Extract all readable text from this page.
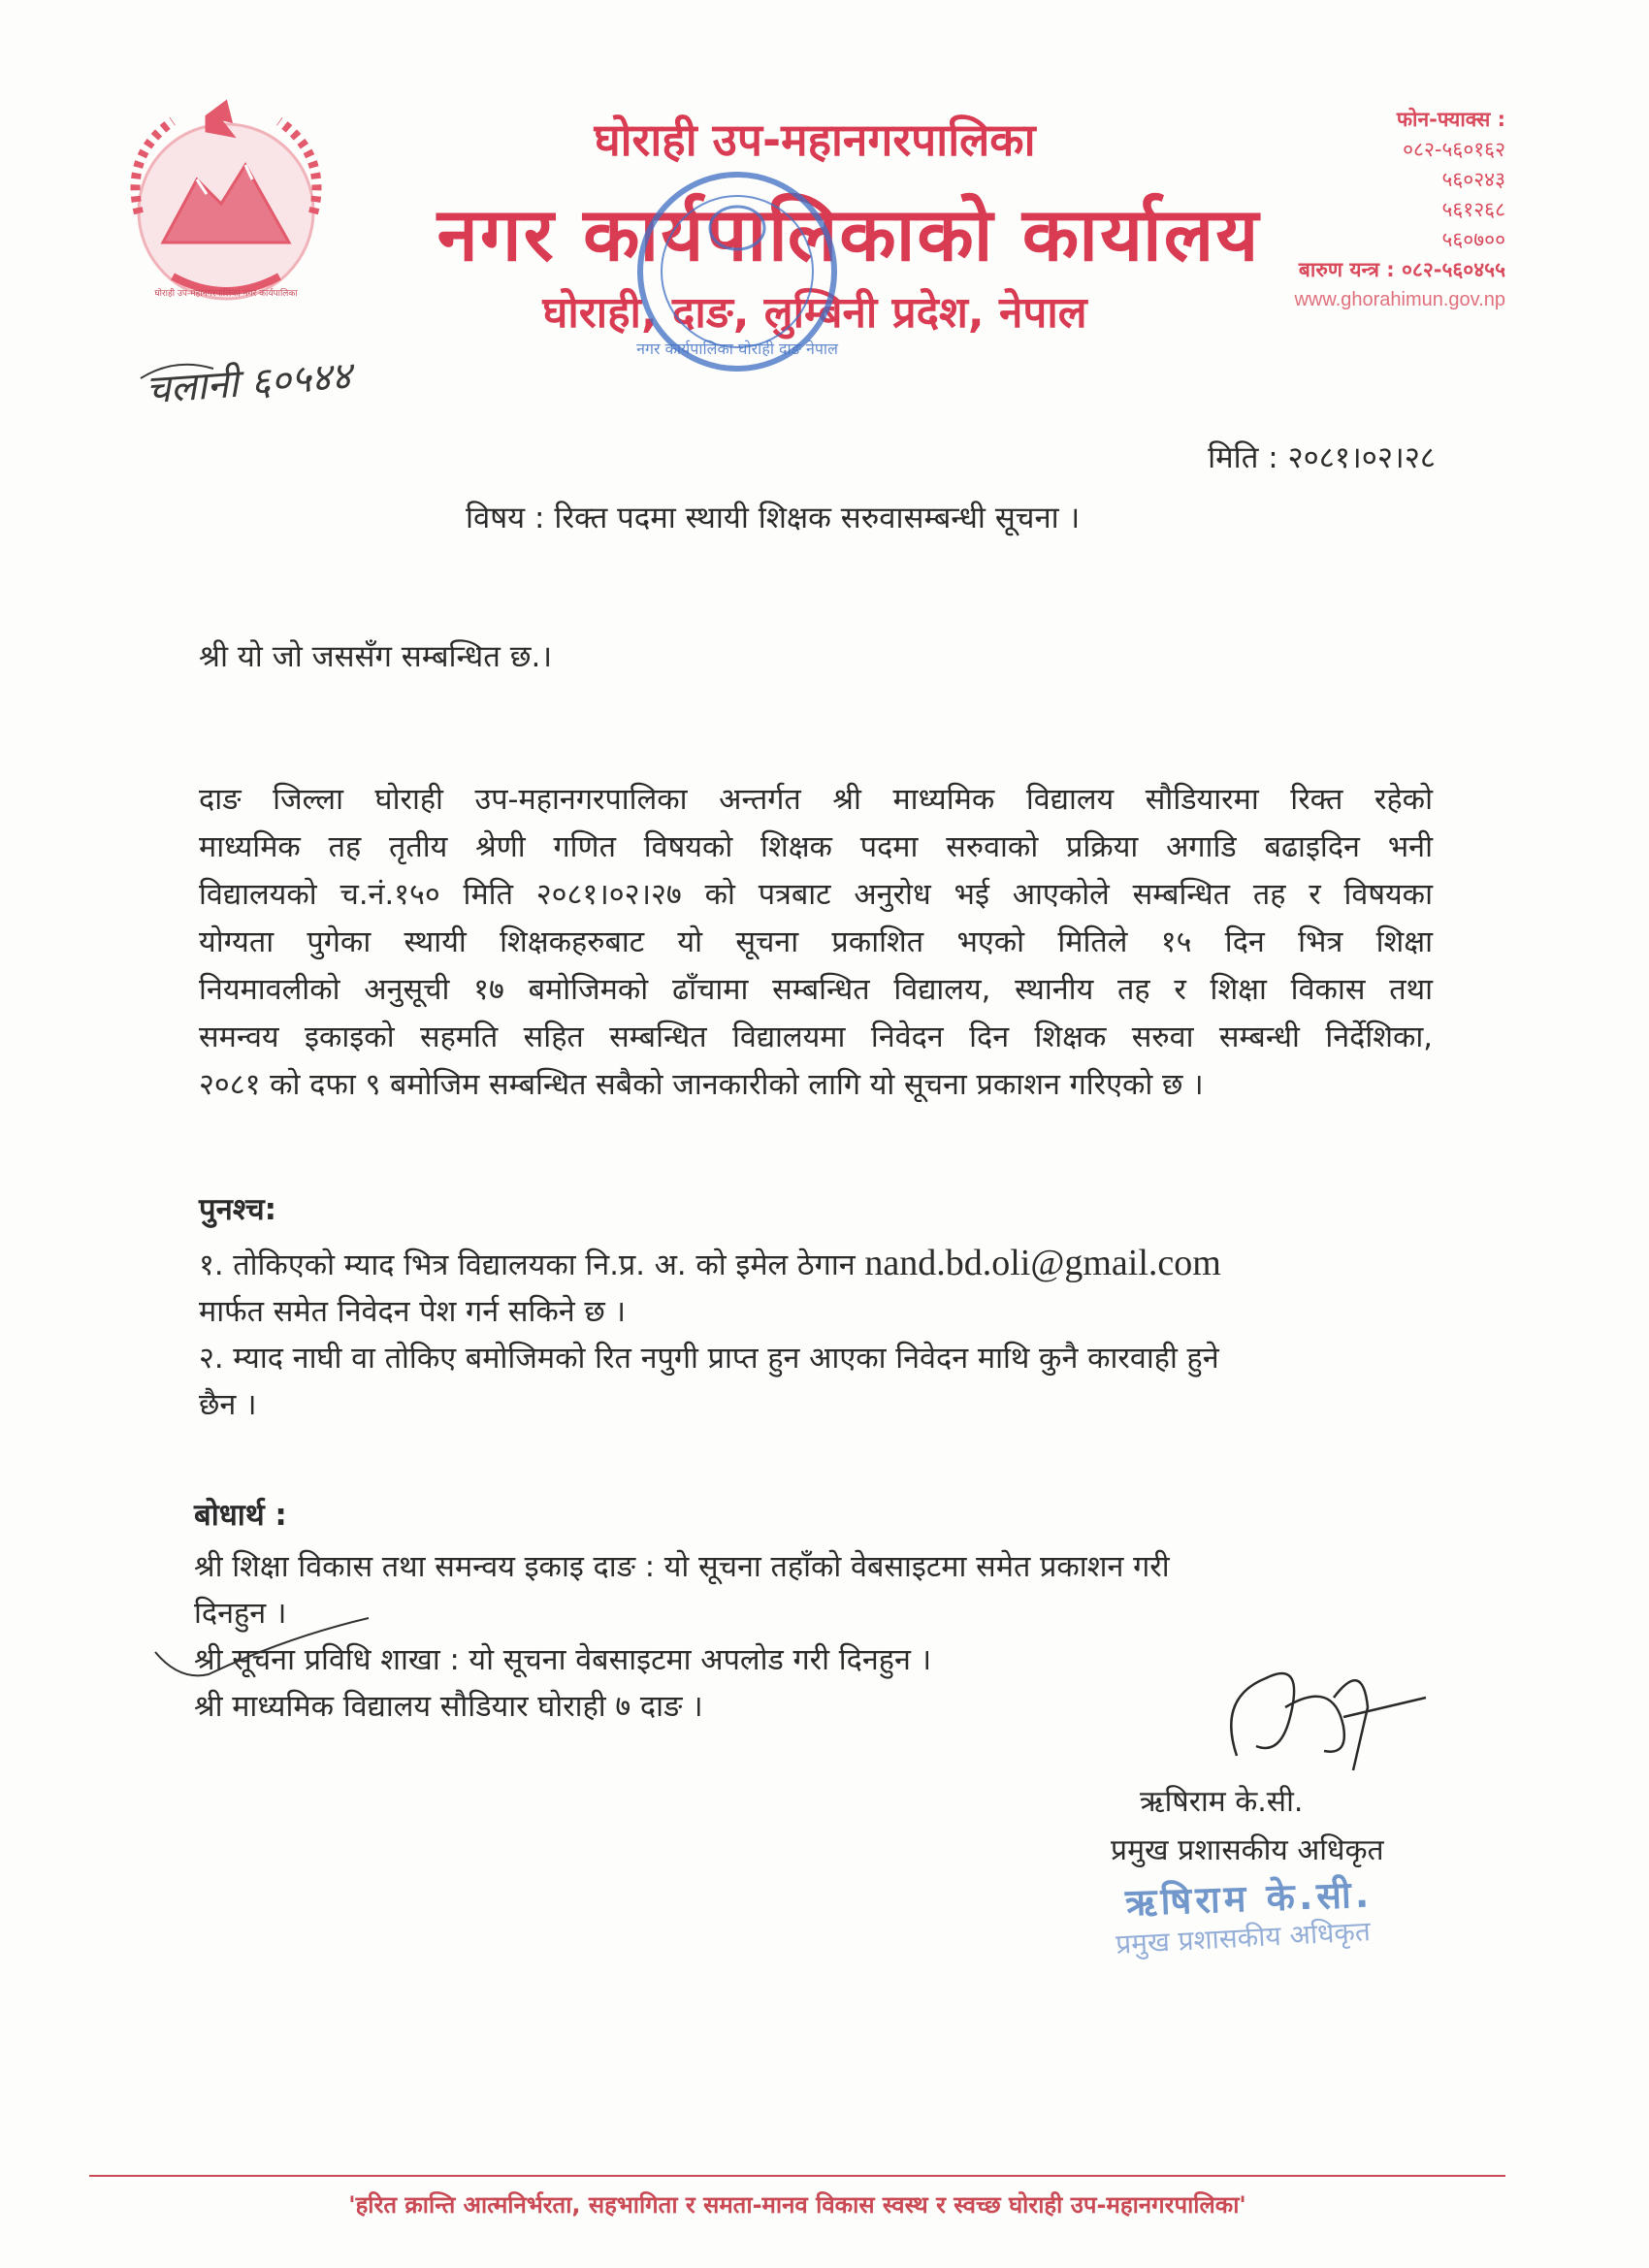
घोराही उप-महानगरपालिका नगर कार्यपालिका
घोराही उप-महानगरपालिका
नगर कार्यपालिकाको कार्यालय
घोराही, दाङ, लुम्बिनी प्रदेश, नेपाल
नगर कार्यपालिका घोराही दाङ नेपाल
फोन-फ्याक्स :
०८२-५६०१६२
५६०२४३
५६१२६८
५६०७००
बारुण यन्त्र : ०८२-५६०४५५
www.ghorahimun.gov.np
चलानी ६०५४४
मिति : २०८१।०२।२८
विषय : रिक्त पदमा स्थायी शिक्षक सरुवासम्बन्धी सूचना ।
श्री यो जो जससँग सम्बन्धित छ.।
दाङ जिल्ला घोराही उप-महानगरपालिका अन्तर्गत श्री माध्यमिक विद्यालय सौडियारमा रिक्त रहेको
माध्यमिक तह तृतीय श्रेणी गणित विषयको शिक्षक पदमा सरुवाको प्रक्रिया अगाडि बढाइदिन भनी
विद्यालयको च.नं.१५० मिति २०८१।०२।२७ को पत्रबाट अनुरोध भई आएकोले सम्बन्धित तह र विषयका
योग्यता पुगेका स्थायी शिक्षकहरुबाट यो सूचना प्रकाशित भएको मितिले १५ दिन भित्र शिक्षा
नियमावलीको अनुसूची १७ बमोजिमको ढाँचामा सम्बन्धित विद्यालय, स्थानीय तह र शिक्षा विकास तथा
समन्वय इकाइको सहमति सहित सम्बन्धित विद्यालयमा निवेदन दिन शिक्षक सरुवा सम्बन्धी निर्देशिका,
२०८१ को दफा ९ बमोजिम सम्बन्धित सबैको जानकारीको लागि यो सूचना प्रकाशन गरिएको छ ।
पुनश्च:
१. तोकिएको म्याद भित्र विद्यालयका नि.प्र. अ. को इमेल ठेगान nand.bd.oli@gmail.com
मार्फत समेत निवेदन पेश गर्न सकिने छ ।
२. म्याद नाघी वा तोकिए बमोजिमको रित नपुगी प्राप्त हुन आएका निवेदन माथि कुनै कारवाही हुने
छैन ।
बोधार्थ :
श्री शिक्षा विकास तथा समन्वय इकाइ दाङ : यो सूचना तहाँको वेबसाइटमा समेत प्रकाशन गरी
दिनहुन ।
श्री सूचना प्रविधि शाखा : यो सूचना वेबसाइटमा अपलोड गरी दिनहुन ।
श्री माध्यमिक विद्यालय सौडियार घोराही ७ दाङ ।
ऋषिराम के.सी.
प्रमुख प्रशासकीय अधिकृत
ऋषिराम के.सी.
प्रमुख प्रशासकीय अधिकृत
'हरित क्रान्ति आत्मनिर्भरता, सहभागिता र समता-मानव विकास स्वस्थ र स्वच्छ घोराही उप-महानगरपालिका'
